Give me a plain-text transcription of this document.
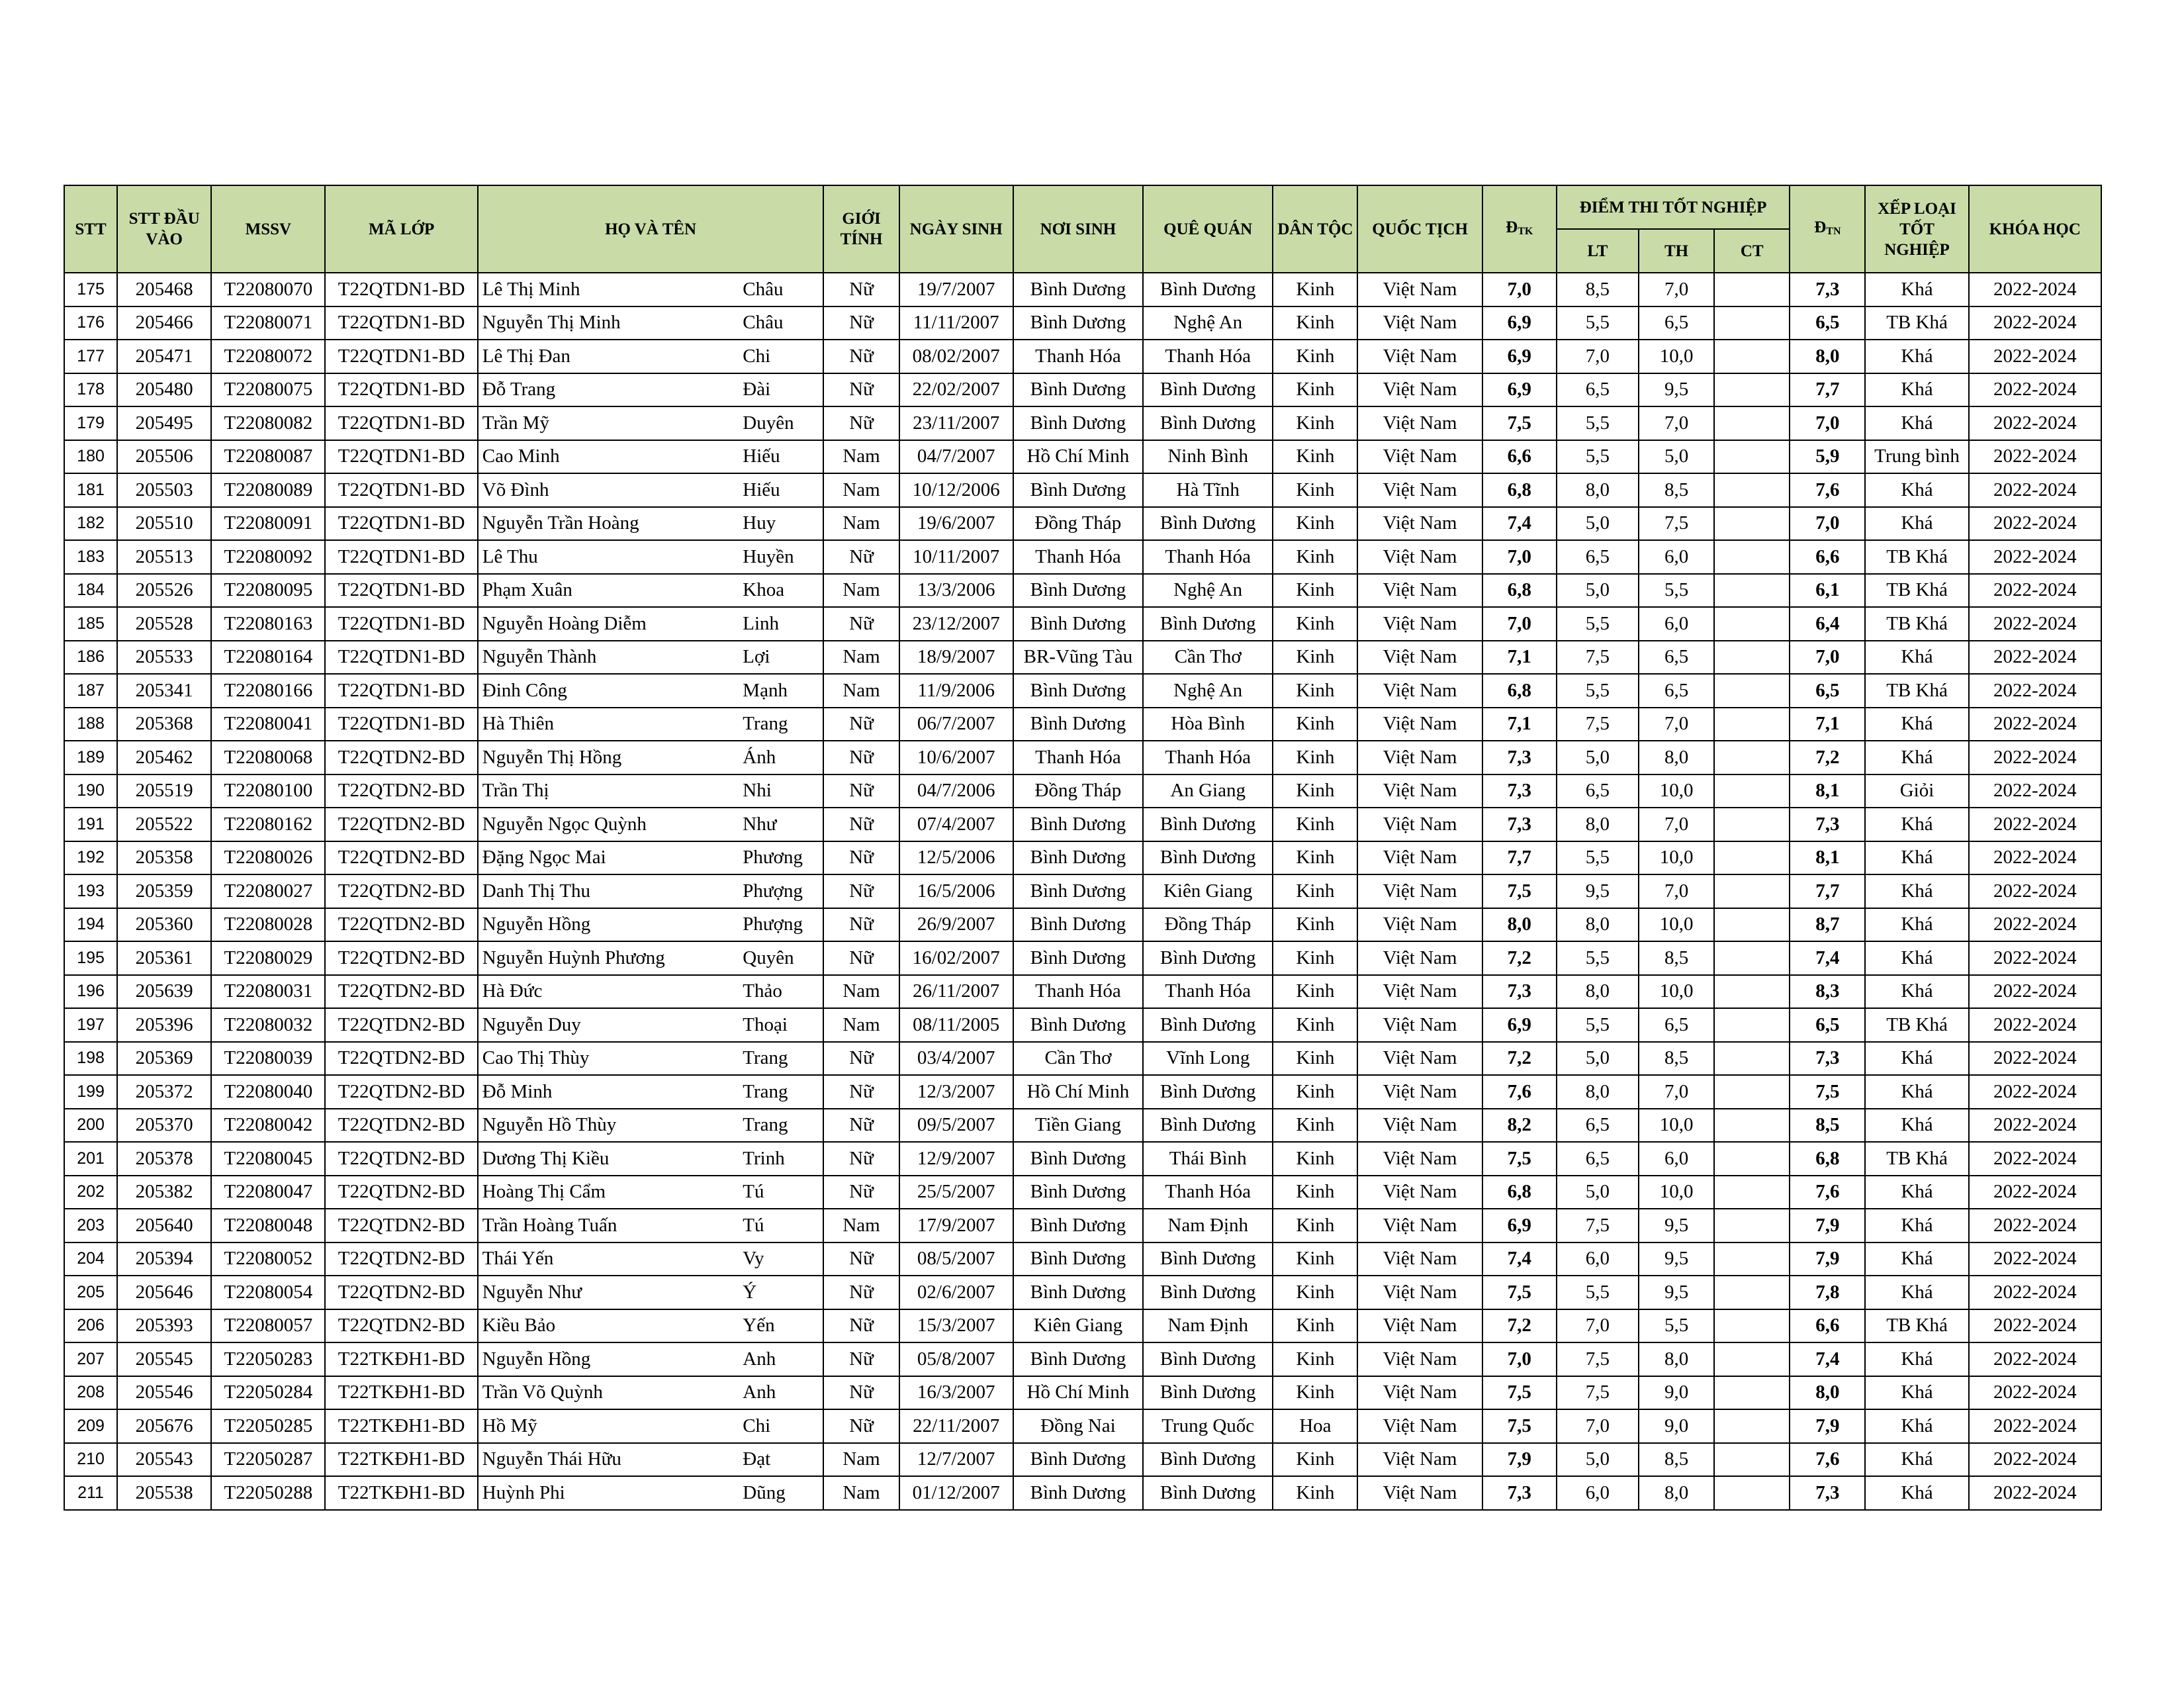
STT	STT ĐẦU VÀO	MSSV	MÃ LỚP	HỌ VÀ TÊN		GIỚI TÍNH	NGÀY SINH	NƠI SINH	QUÊ QUÁN	DÂN TỘC	QUỐC TỊCH	$Đ_{TK}$	ĐIỂM THI TỐT NGHIỆP			$Đ_{TN}$	XẾP LOẠI TỐT NGHIỆP	KHÓA HỌC
													LT	TH	CT			
175	205468	T22080070	T22QTDN1-BD	Lê Thị Minh	Châu	Nữ	19/7/2007	Bình Dương	Bình Dương	Kinh	Việt Nam	7,0	8,5	7,0		7,3	Khá	2022-2024
176	205466	T22080071	T22QTDN1-BD	Nguyễn Thị Minh	Châu	Nữ	11/11/2007	Bình Dương	Nghệ An	Kinh	Việt Nam	6,9	5,5	6,5		6,5	TB Khá	2022-2024
177	205471	T22080072	T22QTDN1-BD	Lê Thị Đan	Chi	Nữ	08/02/2007	Thanh Hóa	Thanh Hóa	Kinh	Việt Nam	6,9	7,0	10,0		8,0	Khá	2022-2024
178	205480	T22080075	T22QTDN1-BD	Đỗ Trang	Đài	Nữ	22/02/2007	Bình Dương	Bình Dương	Kinh	Việt Nam	6,9	6,5	9,5		7,7	Khá	2022-2024
179	205495	T22080082	T22QTDN1-BD	Trần Mỹ	Duyên	Nữ	23/11/2007	Bình Dương	Bình Dương	Kinh	Việt Nam	7,5	5,5	7,0		7,0	Khá	2022-2024
180	205506	T22080087	T22QTDN1-BD	Cao Minh	Hiếu	Nam	04/7/2007	Hồ Chí Minh	Ninh Bình	Kinh	Việt Nam	6,6	5,5	5,0		5,9	Trung bình	2022-2024
181	205503	T22080089	T22QTDN1-BD	Võ Đình	Hiếu	Nam	10/12/2006	Bình Dương	Hà Tĩnh	Kinh	Việt Nam	6,8	8,0	8,5		7,6	Khá	2022-2024
182	205510	T22080091	T22QTDN1-BD	Nguyễn Trần Hoàng	Huy	Nam	19/6/2007	Đồng Tháp	Bình Dương	Kinh	Việt Nam	7,4	5,0	7,5		7,0	Khá	2022-2024
183	205513	T22080092	T22QTDN1-BD	Lê Thu	Huyền	Nữ	10/11/2007	Thanh Hóa	Thanh Hóa	Kinh	Việt Nam	7,0	6,5	6,0		6,6	TB Khá	2022-2024
184	205526	T22080095	T22QTDN1-BD	Phạm Xuân	Khoa	Nam	13/3/2006	Bình Dương	Nghệ An	Kinh	Việt Nam	6,8	5,0	5,5		6,1	TB Khá	2022-2024
185	205528	T22080163	T22QTDN1-BD	Nguyễn Hoàng Diễm	Linh	Nữ	23/12/2007	Bình Dương	Bình Dương	Kinh	Việt Nam	7,0	5,5	6,0		6,4	TB Khá	2022-2024
186	205533	T22080164	T22QTDN1-BD	Nguyễn Thành	Lợi	Nam	18/9/2007	BR-Vũng Tàu	Cần Thơ	Kinh	Việt Nam	7,1	7,5	6,5		7,0	Khá	2022-2024
187	205341	T22080166	T22QTDN1-BD	Đinh Công	Mạnh	Nam	11/9/2006	Bình Dương	Nghệ An	Kinh	Việt Nam	6,8	5,5	6,5		6,5	TB Khá	2022-2024
188	205368	T22080041	T22QTDN1-BD	Hà Thiên	Trang	Nữ	06/7/2007	Bình Dương	Hòa Bình	Kinh	Việt Nam	7,1	7,5	7,0		7,1	Khá	2022-2024
189	205462	T22080068	T22QTDN2-BD	Nguyễn Thị Hồng	Ánh	Nữ	10/6/2007	Thanh Hóa	Thanh Hóa	Kinh	Việt Nam	7,3	5,0	8,0		7,2	Khá	2022-2024
190	205519	T22080100	T22QTDN2-BD	Trần Thị	Nhi	Nữ	04/7/2006	Đồng Tháp	An Giang	Kinh	Việt Nam	7,3	6,5	10,0		8,1	Giỏi	2022-2024
191	205522	T22080162	T22QTDN2-BD	Nguyễn Ngọc Quỳnh	Như	Nữ	07/4/2007	Bình Dương	Bình Dương	Kinh	Việt Nam	7,3	8,0	7,0		7,3	Khá	2022-2024
192	205358	T22080026	T22QTDN2-BD	Đặng Ngọc Mai	Phương	Nữ	12/5/2006	Bình Dương	Bình Dương	Kinh	Việt Nam	7,7	5,5	10,0		8,1	Khá	2022-2024
193	205359	T22080027	T22QTDN2-BD	Danh Thị Thu	Phượng	Nữ	16/5/2006	Bình Dương	Kiên Giang	Kinh	Việt Nam	7,5	9,5	7,0		7,7	Khá	2022-2024
194	205360	T22080028	T22QTDN2-BD	Nguyễn Hồng	Phượng	Nữ	26/9/2007	Bình Dương	Đồng Tháp	Kinh	Việt Nam	8,0	8,0	10,0		8,7	Khá	2022-2024
195	205361	T22080029	T22QTDN2-BD	Nguyễn Huỳnh Phương	Quyên	Nữ	16/02/2007	Bình Dương	Bình Dương	Kinh	Việt Nam	7,2	5,5	8,5		7,4	Khá	2022-2024
196	205639	T22080031	T22QTDN2-BD	Hà Đức	Thảo	Nam	26/11/2007	Thanh Hóa	Thanh Hóa	Kinh	Việt Nam	7,3	8,0	10,0		8,3	Khá	2022-2024
197	205396	T22080032	T22QTDN2-BD	Nguyễn Duy	Thoại	Nam	08/11/2005	Bình Dương	Bình Dương	Kinh	Việt Nam	6,9	5,5	6,5		6,5	TB Khá	2022-2024
198	205369	T22080039	T22QTDN2-BD	Cao Thị Thùy	Trang	Nữ	03/4/2007	Cần Thơ	Vĩnh Long	Kinh	Việt Nam	7,2	5,0	8,5		7,3	Khá	2022-2024
199	205372	T22080040	T22QTDN2-BD	Đỗ Minh	Trang	Nữ	12/3/2007	Hồ Chí Minh	Bình Dương	Kinh	Việt Nam	7,6	8,0	7,0		7,5	Khá	2022-2024
200	205370	T22080042	T22QTDN2-BD	Nguyễn Hồ Thùy	Trang	Nữ	09/5/2007	Tiền Giang	Bình Dương	Kinh	Việt Nam	8,2	6,5	10,0		8,5	Khá	2022-2024
201	205378	T22080045	T22QTDN2-BD	Dương Thị Kiều	Trinh	Nữ	12/9/2007	Bình Dương	Thái Bình	Kinh	Việt Nam	7,5	6,5	6,0		6,8	TB Khá	2022-2024
202	205382	T22080047	T22QTDN2-BD	Hoàng Thị Cẩm	Tú	Nữ	25/5/2007	Bình Dương	Thanh Hóa	Kinh	Việt Nam	6,8	5,0	10,0		7,6	Khá	2022-2024
203	205640	T22080048	T22QTDN2-BD	Trần Hoàng Tuấn	Tú	Nam	17/9/2007	Bình Dương	Nam Định	Kinh	Việt Nam	6,9	7,5	9,5		7,9	Khá	2022-2024
204	205394	T22080052	T22QTDN2-BD	Thái Yến	Vy	Nữ	08/5/2007	Bình Dương	Bình Dương	Kinh	Việt Nam	7,4	6,0	9,5		7,9	Khá	2022-2024
205	205646	T22080054	T22QTDN2-BD	Nguyễn Như	Ý	Nữ	02/6/2007	Bình Dương	Bình Dương	Kinh	Việt Nam	7,5	5,5	9,5		7,8	Khá	2022-2024
206	205393	T22080057	T22QTDN2-BD	Kiều Bảo	Yến	Nữ	15/3/2007	Kiên Giang	Nam Định	Kinh	Việt Nam	7,2	7,0	5,5		6,6	TB Khá	2022-2024
207	205545	T22050283	T22TKĐH1-BD	Nguyễn Hồng	Anh	Nữ	05/8/2007	Bình Dương	Bình Dương	Kinh	Việt Nam	7,0	7,5	8,0		7,4	Khá	2022-2024
208	205546	T22050284	T22TKĐH1-BD	Trần Võ Quỳnh	Anh	Nữ	16/3/2007	Hồ Chí Minh	Bình Dương	Kinh	Việt Nam	7,5	7,5	9,0		8,0	Khá	2022-2024
209	205676	T22050285	T22TKĐH1-BD	Hồ Mỹ	Chi	Nữ	22/11/2007	Đồng Nai	Trung Quốc	Hoa	Việt Nam	7,5	7,0	9,0		7,9	Khá	2022-2024
210	205543	T22050287	T22TKĐH1-BD	Nguyễn Thái Hữu	Đạt	Nam	12/7/2007	Bình Dương	Bình Dương	Kinh	Việt Nam	7,9	5,0	8,5		7,6	Khá	2022-2024
211	205538	T22050288	T22TKĐH1-BD	Huỳnh Phi	Dũng	Nam	01/12/2007	Bình Dương	Bình Dương	Kinh	Việt Nam	7,3	6,0	8,0		7,3	Khá	2022-2024
